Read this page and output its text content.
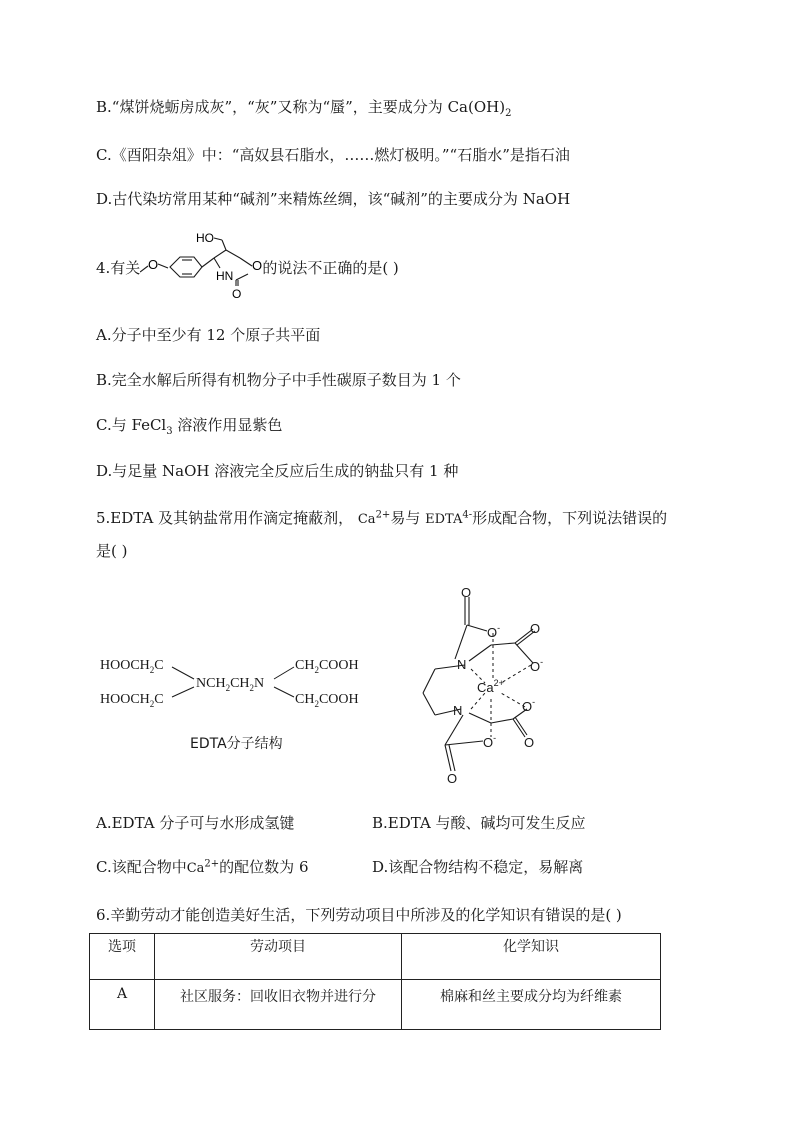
B.“煤饼烧蛎房成灰”，“灰”又称为“蜃”，主要成分为 $Ca(OH)_2$
C.《酉阳杂俎》中：“高奴县石脂水，……燃灯极明。”“石脂水”是指石油
D.古代染坊常用某种“碱剂”来精炼丝绸，该“碱剂”的主要成分为 NaOH
4.有关	的说法不正确的是( )
O
HO
O
HN
O
A.分子中至少有 12 个原子共平面
B.完全水解后所得有机物分子中手性碳原子数目为 1 个
C.与 FeCl$_3$ 溶液作用显紫色
D.与足量 NaOH 溶液完全反应后生成的钠盐只有 1 种
5.EDTA 及其钠盐常用作滴定掩蔽剂， $Ca^{2+}$易与 $EDTA^{4-}$形成配合物，下列说法错误的
是( )
$HOOCH_2C$
$HOOCH_2C$
$NCH_2CH_2N$
$CH_2COOH$
$CH_2COOH$
EDTA分子结构
O
O- O
O-
N
$Ca^{2+}$
N	O-
O
O-
O
A.EDTA 分子可与水形成氢键	B.EDTA 与酸、碱均可发生反应
C.该配合物中$Ca^{2+}$的配位数为 6	D.该配合物结构不稳定，易解离
6.辛勤劳动才能创造美好生活，下列劳动项目中所涉及的化学知识有错误的是( )
选项	劳动项目	化学知识
A	社区服务：回收旧衣物并进行分	棉麻和丝主要成分均为纤维素
